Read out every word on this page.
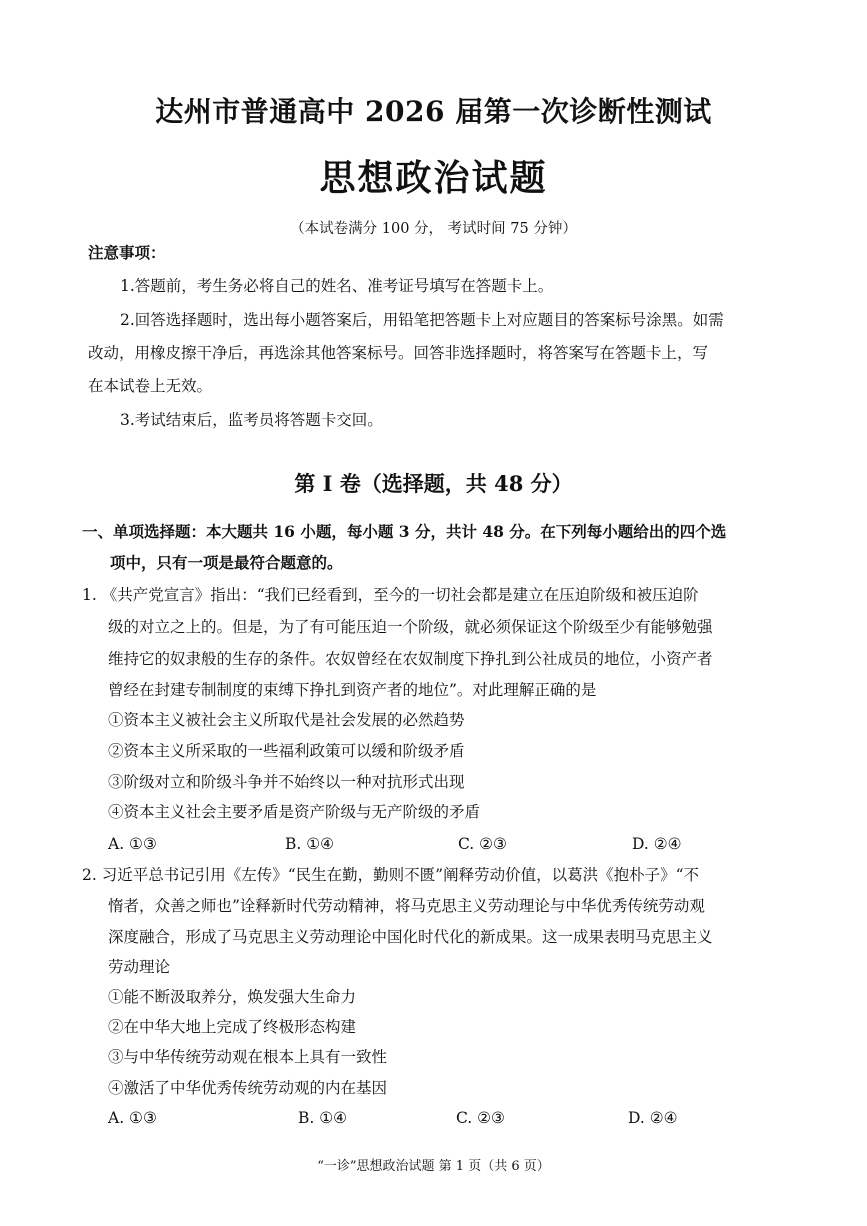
达州市普通高中 2026 届第一次诊断性测试
思想政治试题
（本试卷满分 100 分， 考试时间 75 分钟）
注意事项：
1.答题前，考生务必将自己的姓名、准考证号填写在答题卡上。
2.回答选择题时，选出每小题答案后，用铅笔把答题卡上对应题目的答案标号涂黑。如需
改动，用橡皮擦干净后，再选涂其他答案标号。回答非选择题时，将答案写在答题卡上，写
在本试卷上无效。
3.考试结束后，监考员将答题卡交回。
第 I 卷（选择题，共 48 分）
一、单项选择题：本大题共 16 小题，每小题 3 分，共计 48 分。在下列每小题给出的四个选
项中，只有一项是最符合题意的。
1. 《共产党宣言》指出：“我们已经看到，至今的一切社会都是建立在压迫阶级和被压迫阶
级的对立之上的。但是，为了有可能压迫一个阶级，就必须保证这个阶级至少有能够勉强
维持它的奴隶般的生存的条件。农奴曾经在农奴制度下挣扎到公社成员的地位，小资产者
曾经在封建专制制度的束缚下挣扎到资产者的地位”。对此理解正确的是
①资本主义被社会主义所取代是社会发展的必然趋势
②资本主义所采取的一些福利政策可以缓和阶级矛盾
③阶级对立和阶级斗争并不始终以一种对抗形式出现
④资本主义社会主要矛盾是资产阶级与无产阶级的矛盾
A. ①③	B. ①④	C. ②③	D. ②④
2. 习近平总书记引用《左传》“民生在勤，勤则不匮”阐释劳动价值，以葛洪《抱朴子》“不
惰者，众善之师也”诠释新时代劳动精神，将马克思主义劳动理论与中华优秀传统劳动观
深度融合，形成了马克思主义劳动理论中国化时代化的新成果。这一成果表明马克思主义
劳动理论
①能不断汲取养分，焕发强大生命力
②在中华大地上完成了终极形态构建
③与中华传统劳动观在根本上具有一致性
④激活了中华优秀传统劳动观的内在基因
A. ①③	B. ①④	C. ②③	D. ②④
“一诊”思想政治试题 第 1 页（共 6 页）
